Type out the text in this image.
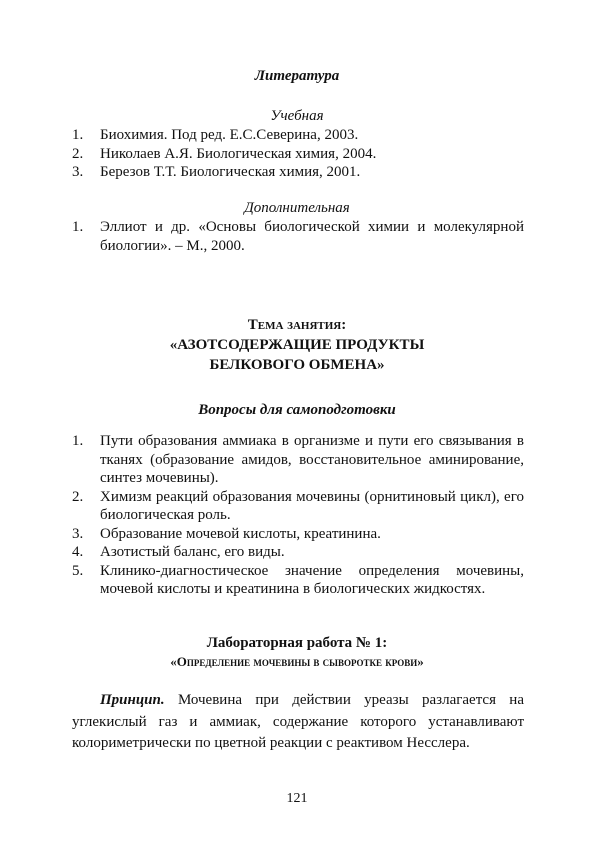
Литература
Учебная
1. Биохимия. Под ред. Е.С.Северина, 2003.
2. Николаев А.Я. Биологическая химия, 2004.
3. Березов Т.Т. Биологическая химия, 2001.
Дополнительная
1. Эллиот и др. «Основы биологической химии и молекулярной биологии». – М., 2000.
Тема занятия:
«АЗОТСОДЕРЖАЩИЕ ПРОДУКТЫ
БЕЛКОВОГО ОБМЕНА»
Вопросы для самоподготовки
1. Пути образования аммиака в организме и пути его связывания в тканях (образование амидов, восстановительное аминирование, синтез мочевины).
2. Химизм реакций образования мочевины (орнитиновый цикл), его биологическая роль.
3. Образование мочевой кислоты, креатинина.
4. Азотистый баланс, его виды.
5. Клинико-диагностическое значение определения мочевины, мочевой кислоты и креатинина в биологических жидкостях.
Лабораторная работа № 1:
«Определение мочевины в сыворотке крови»

Принцип. Мочевина при действии уреазы разлагается на углекислый газ и аммиак, содержание которого устанавливают колориметрически по цветной реакции с реактивом Несслера.

121
